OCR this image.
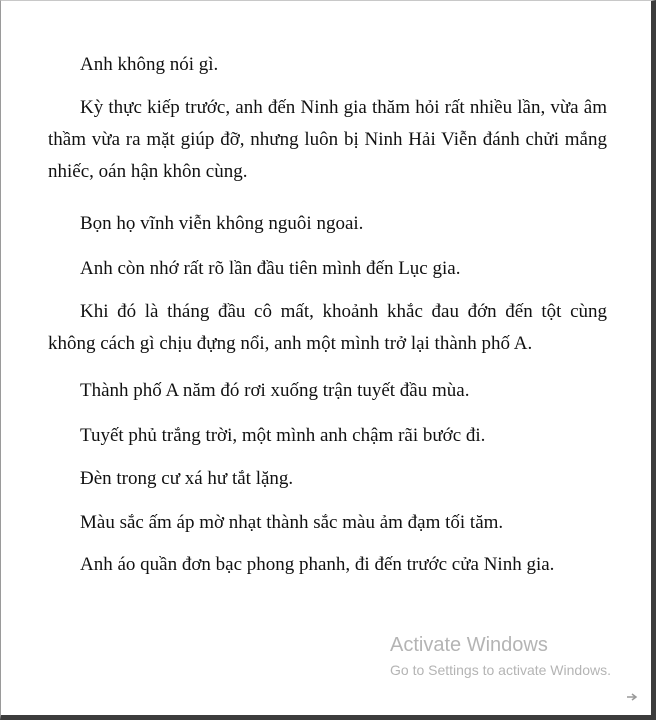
Anh không nói gì.

Kỳ thực kiếp trước, anh đến Ninh gia thăm hỏi rất nhiều lần, vừa âm thầm vừa ra mặt giúp đỡ, nhưng luôn bị Ninh Hải Viễn đánh chửi mắng nhiếc, oán hận khôn cùng.

Bọn họ vĩnh viễn không nguôi ngoai.

Anh còn nhớ rất rõ lần đầu tiên mình đến Lục gia.

Khi đó là tháng đầu cô mất, khoảnh khắc đau đớn đến tột cùng không cách gì chịu đựng nổi, anh một mình trở lại thành phố A.

Thành phố A năm đó rơi xuống trận tuyết đầu mùa.

Tuyết phủ trắng trời, một mình anh chậm rãi bước đi.

Đèn trong cư xá hư tắt lặng.

Màu sắc ấm áp mờ nhạt thành sắc màu ảm đạm tối tăm.

Anh áo quần đơn bạc phong phanh, đi đến trước cửa Ninh gia.

Activate Windows
Go to Settings to activate Windows.
